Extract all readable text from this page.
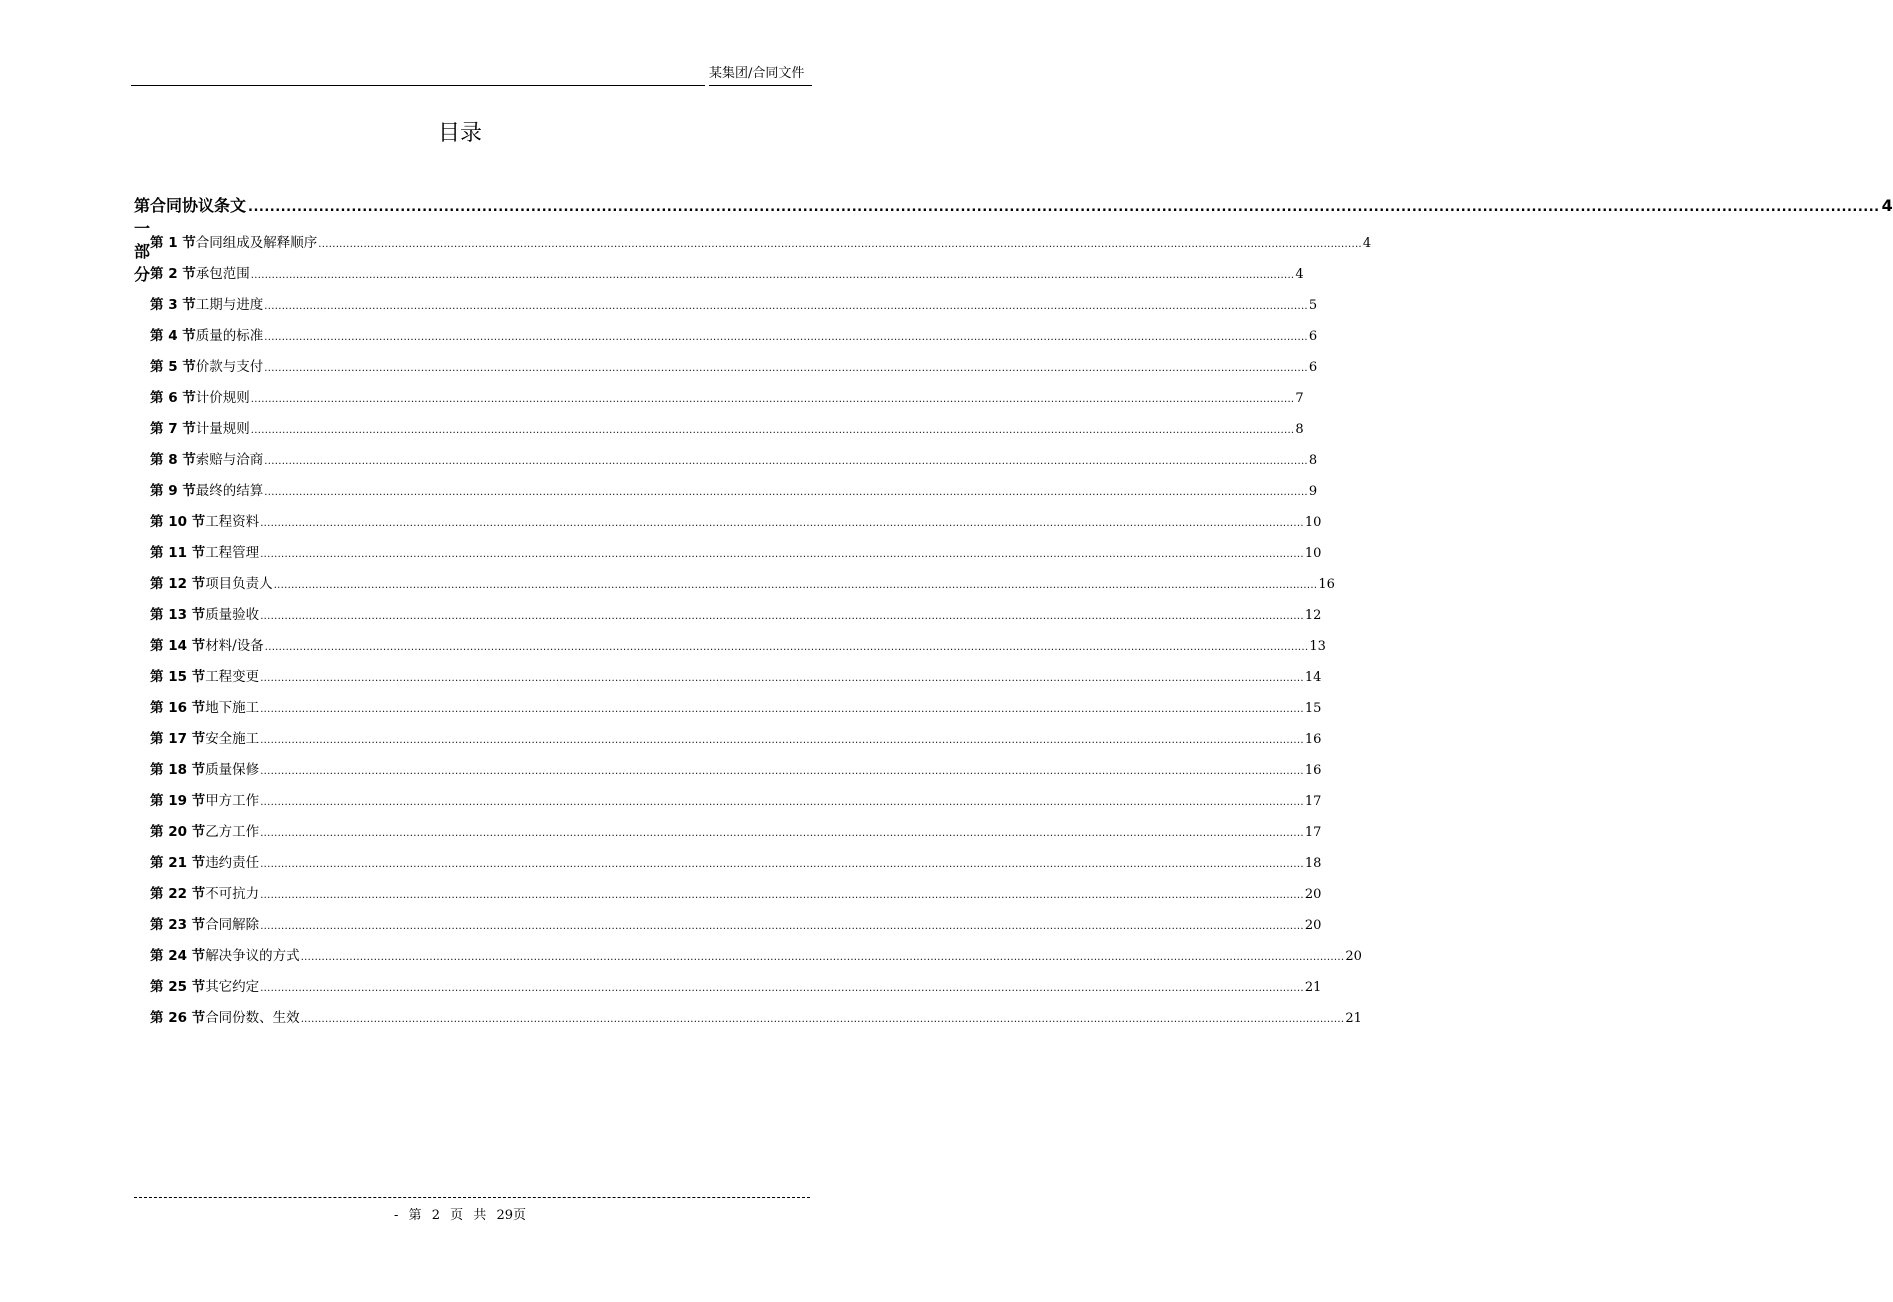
某集团/合同文件
目录
第一部分
合同协议条文 ............................................................................................................................................................................................................................................................................................................ 4
第 1 节 合同组成及解释顺序 ............................................................................................................................................................................................................................................................................................................ 4
第 2 节 承包范围 ............................................................................................................................................................................................................................................................................................................ 4
第 3 节 工期与进度 ............................................................................................................................................................................................................................................................................................................ 5
第 4 节 质量的标准 ............................................................................................................................................................................................................................................................................................................ 6
第 5 节 价款与支付 ............................................................................................................................................................................................................................................................................................................ 6
第 6 节 计价规则 ............................................................................................................................................................................................................................................................................................................ 7
第 7 节 计量规则 ............................................................................................................................................................................................................................................................................................................ 8
第 8 节 索赔与洽商 ............................................................................................................................................................................................................................................................................................................ 8
第 9 节 最终的结算 ............................................................................................................................................................................................................................................................................................................ 9
第 10 节 工程资料 ............................................................................................................................................................................................................................................................................................................ 10
第 11 节 工程管理 ............................................................................................................................................................................................................................................................................................................ 10
第 12 节 项目负责人 ............................................................................................................................................................................................................................................................................................................ 16
第 13 节 质量验收 ............................................................................................................................................................................................................................................................................................................ 12
第 14 节 材料/设备 ............................................................................................................................................................................................................................................................................................................ 13
第 15 节 工程变更 ............................................................................................................................................................................................................................................................................................................ 14
第 16 节 地下施工 ............................................................................................................................................................................................................................................................................................................ 15
第 17 节 安全施工 ............................................................................................................................................................................................................................................................................................................ 16
第 18 节 质量保修 ............................................................................................................................................................................................................................................................................................................ 16
第 19 节 甲方工作 ............................................................................................................................................................................................................................................................................................................ 17
第 20 节 乙方工作 ............................................................................................................................................................................................................................................................................................................ 17
第 21 节 违约责任 ............................................................................................................................................................................................................................................................................................................ 18
第 22 节 不可抗力 ............................................................................................................................................................................................................................................................................................................ 20
第 23 节 合同解除 ............................................................................................................................................................................................................................................................................................................ 20
第 24 节 解决争议的方式 ............................................................................................................................................................................................................................................................................................................ 20
第 25 节 其它约定 ............................................................................................................................................................................................................................................................................................................ 21
第 26 节 合同份数、生效 ............................................................................................................................................................................................................................................................................................................ 21
- 第 2 页 共 29页
